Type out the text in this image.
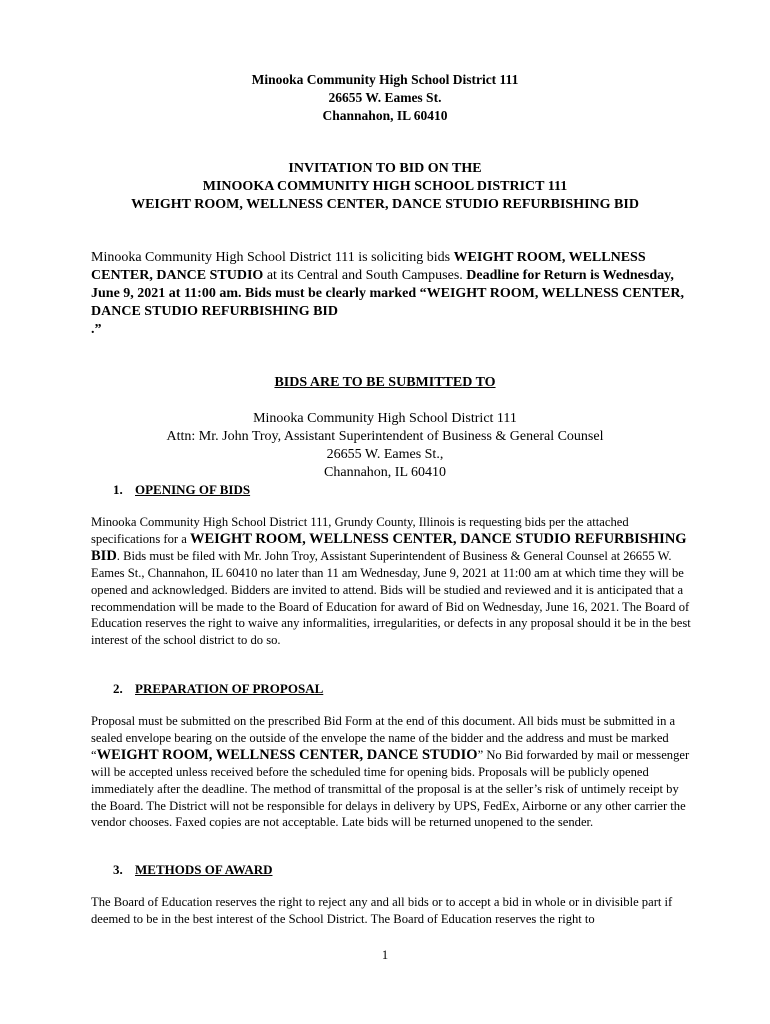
Minooka Community High School District 111
26655 W. Eames St.
Channahon, IL 60410
INVITATION TO BID ON THE
MINOOKA COMMUNITY HIGH SCHOOL DISTRICT 111
WEIGHT ROOM, WELLNESS CENTER, DANCE STUDIO REFURBISHING BID
Minooka Community High School District 111 is soliciting bids WEIGHT ROOM, WELLNESS CENTER, DANCE STUDIO at its Central and South Campuses. Deadline for Return is Wednesday, June 9, 2021 at 11:00 am. Bids must be clearly marked “WEIGHT ROOM, WELLNESS CENTER, DANCE STUDIO REFURBISHING BID
.”
BIDS ARE TO BE SUBMITTED TO
Minooka Community High School District 111
Attn: Mr. John Troy, Assistant Superintendent of Business & General Counsel
26655 W. Eames St.,
Channahon, IL 60410
1. OPENING OF BIDS
Minooka Community High School District 111, Grundy County, Illinois is requesting bids per the attached specifications for a WEIGHT ROOM, WELLNESS CENTER, DANCE STUDIO REFURBISHING BID. Bids must be filed with Mr. John Troy, Assistant Superintendent of Business & General Counsel at 26655 W. Eames St., Channahon, IL 60410 no later than 11 am Wednesday, June 9, 2021 at 11:00 am at which time they will be opened and acknowledged. Bidders are invited to attend. Bids will be studied and reviewed and it is anticipated that a recommendation will be made to the Board of Education for award of Bid on Wednesday, June 16, 2021. The Board of Education reserves the right to waive any informalities, irregularities, or defects in any proposal should it be in the best interest of the school district to do so.
2. PREPARATION OF PROPOSAL
Proposal must be submitted on the prescribed Bid Form at the end of this document. All bids must be submitted in a sealed envelope bearing on the outside of the envelope the name of the bidder and the address and must be marked “WEIGHT ROOM, WELLNESS CENTER, DANCE STUDIO” No Bid forwarded by mail or messenger will be accepted unless received before the scheduled time for opening bids. Proposals will be publicly opened immediately after the deadline. The method of transmittal of the proposal is at the seller’s risk of untimely receipt by the Board. The District will not be responsible for delays in delivery by UPS, FedEx, Airborne or any other carrier the vendor chooses. Faxed copies are not acceptable. Late bids will be returned unopened to the sender.
3. METHODS OF AWARD
The Board of Education reserves the right to reject any and all bids or to accept a bid in whole or in divisible part if deemed to be in the best interest of the School District. The Board of Education reserves the right to
1
